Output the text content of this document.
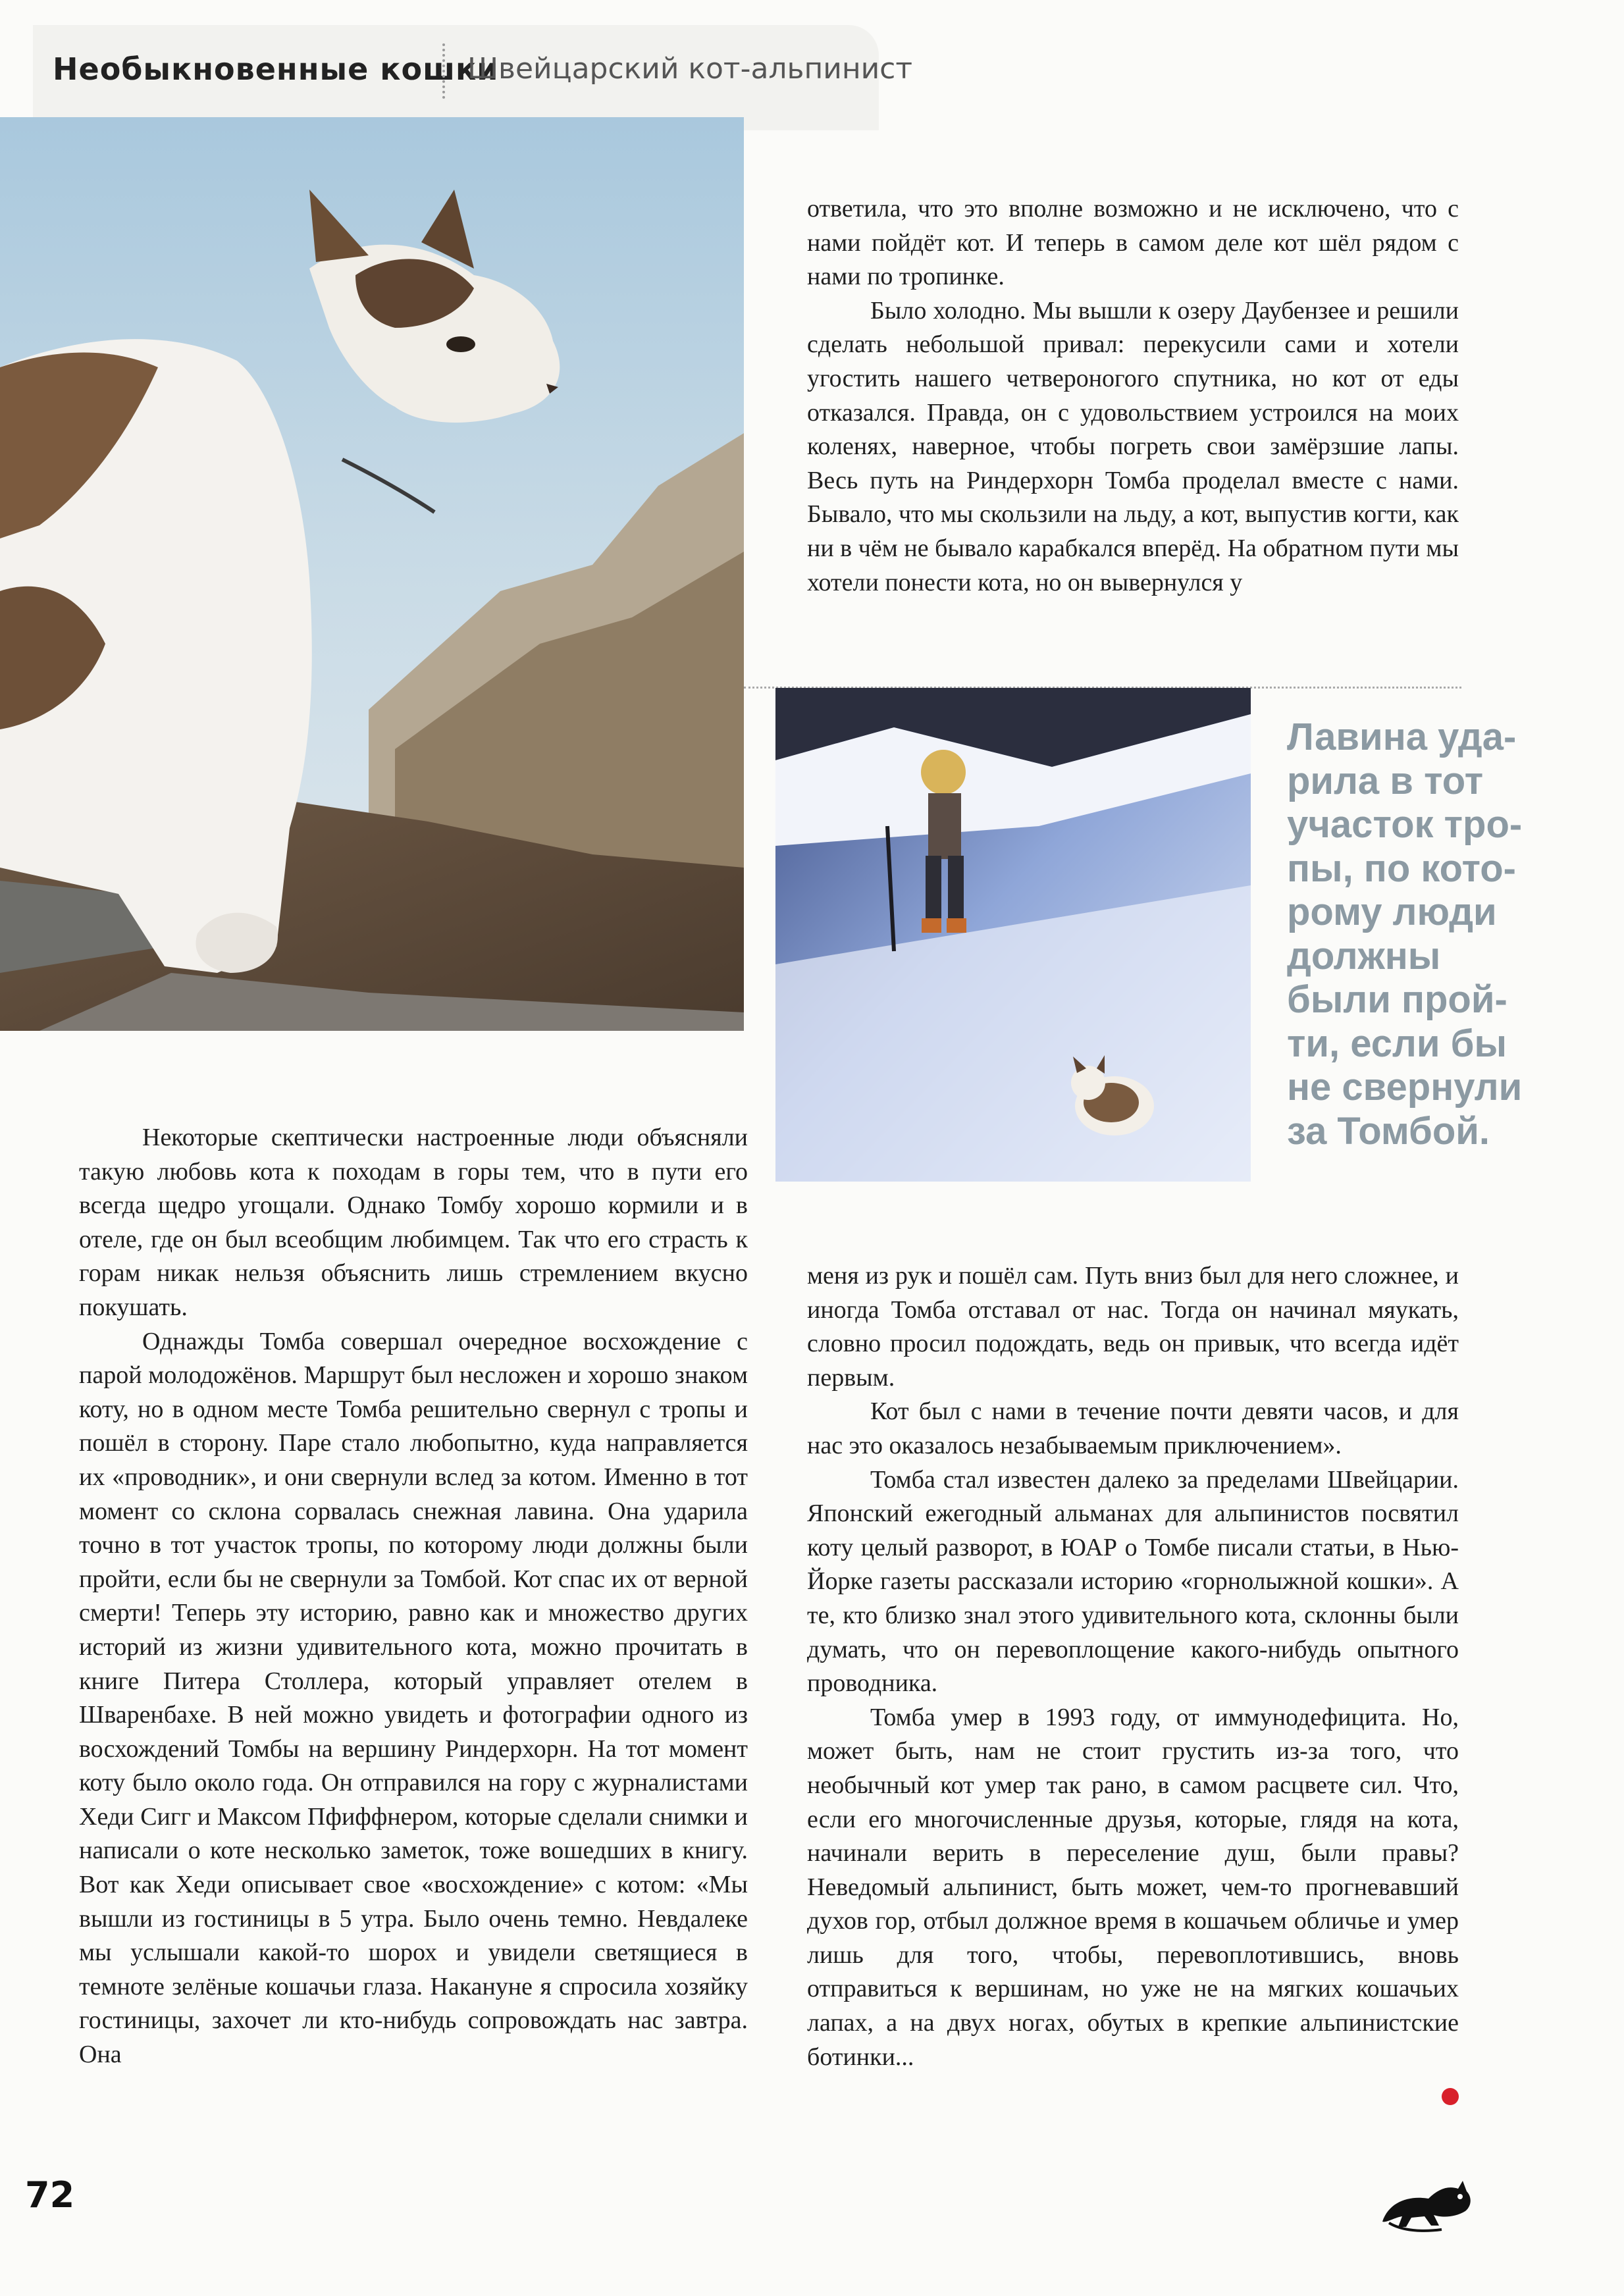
Необыкновенные кошки
Швейцарский кот-альпинист
Лавина уда-
рила в тот
участок тро-
пы, по кото-
рому люди
должны
были прой-
ти, если бы
не свернули
за Томбой.

ответила, что это вполне возможно и не исключено, что с нами пойдёт кот. И теперь в самом деле кот шёл рядом с нами по тропинке.

Было холодно. Мы вышли к озеру Даубензее и решили сделать небольшой привал: перекусили сами и хотели угостить нашего четвероногого спутника, но кот от еды отказался. Правда, он с удовольствием устроился на моих коленях, наверное, чтобы погреть свои замёрзшие лапы. Весь путь на Риндерхорн Томба проделал вместе с нами. Бывало, что мы скользили на льду, а кот, выпустив когти, как ни в чём не бывало карабкался вперёд. На обратном пути мы хотели понести кота, но он вывернулся у

Некоторые скептически настроенные люди объясняли такую любовь кота к походам в горы тем, что в пути его всегда щедро угощали. Однако Томбу хорошо кормили и в отеле, где он был всеобщим любимцем. Так что его страсть к горам никак нельзя объяснить лишь стремлением вкусно покушать.

Однажды Томба совершал очередное восхождение с парой молодожёнов. Маршрут был несложен и хорошо знаком коту, но в одном месте Томба решительно свернул с тропы и пошёл в сторону. Паре стало любопытно, куда направляется их «проводник», и они свернули вслед за котом. Именно в тот момент со склона сорвалась снежная лавина. Она ударила точно в тот участок тропы, по которому люди должны были пройти, если бы не свернули за Томбой. Кот спас их от верной смерти! Теперь эту историю, равно как и множество других историй из жизни удивительного кота, можно прочитать в книге Питера Столлера, который управляет отелем в Шваренбахе. В ней можно увидеть и фотографии одного из восхождений Томбы на вершину Риндерхорн. На тот момент коту было около года. Он отправился на гору с журналистами Хеди Сигг и Максом Пфиффнером, которые сделали снимки и написали о коте несколько заметок, тоже вошедших в книгу. Вот как Хеди описывает свое «восхождение» с котом: «Мы вышли из гостиницы в 5 утра. Было очень темно. Невдалеке мы услышали какой-то шорох и увидели светящиеся в темноте зелёные кошачьи глаза. Накануне я спросила хозяйку гостиницы, захочет ли кто-нибудь сопровождать нас завтра. Она

меня из рук и пошёл сам. Путь вниз был для него сложнее, и иногда Томба отставал от нас. Тогда он начинал мяукать, словно просил подождать, ведь он привык, что всегда идёт первым.

Кот был с нами в течение почти девяти часов, и для нас это оказалось незабываемым приключением».

Томба стал известен далеко за пределами Швейцарии. Японский ежегодный альманах для альпинистов посвятил коту целый разворот, в ЮАР о Томбе писали статьи, в Нью-Йорке газеты рассказали историю «горнолыжной кошки». А те, кто близко знал этого удивительного кота, склонны были думать, что он перевоплощение какого-нибудь опытного проводника.

Томба умер в 1993 году, от иммунодефицита. Но, может быть, нам не стоит грустить из-за того, что необычный кот умер так рано, в самом расцвете сил. Что, если его многочисленные друзья, которые, глядя на кота, начинали верить в переселение душ, были правы? Неведомый альпинист, быть может, чем-то прогневавший духов гор, отбыл должное время в кошачьем обличье и умер лишь для того, чтобы, перевоплотившись, вновь отправиться к вершинам, но уже не на мягких кошачьих лапах, а на двух ногах, обутых в крепкие альпинистские ботинки...

72
